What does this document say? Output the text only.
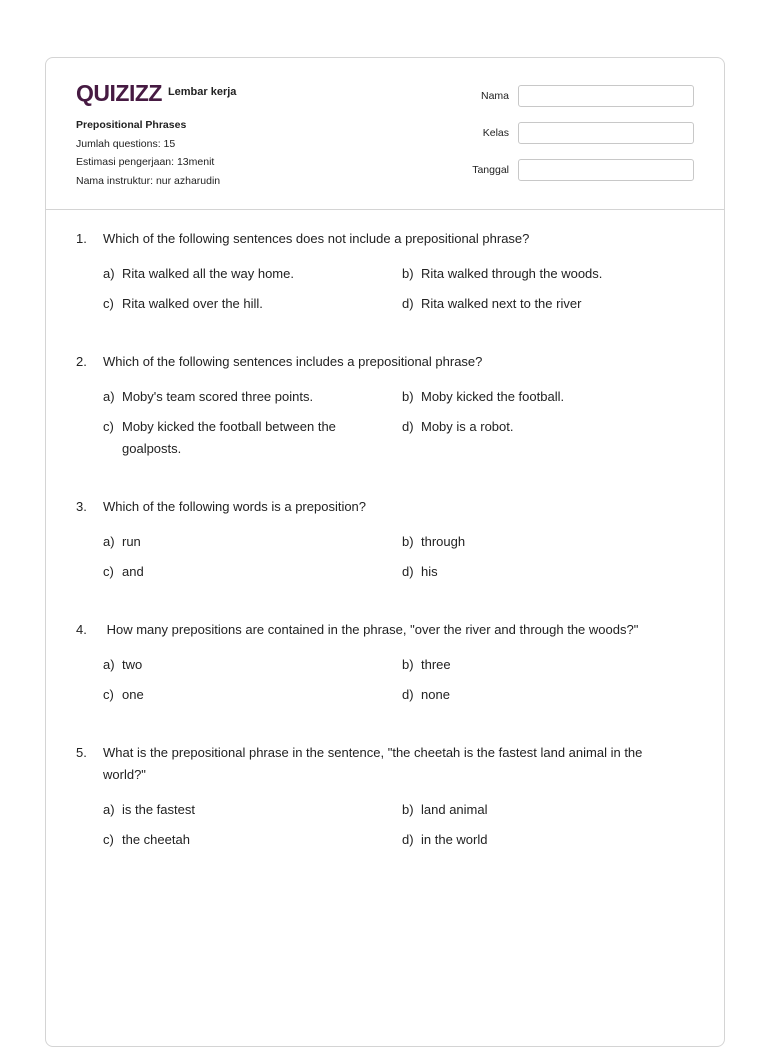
QUIZIZZ Lembar kerja
Prepositional Phrases
Jumlah questions: 15
Estimasi pengerjaan: 13menit
Nama instruktur: nur azharudin
Nama
Kelas
Tanggal
1.	Which of the following sentences does not include a prepositional phrase?
a) Rita walked all the way home.	b) Rita walked through the woods.
c) Rita walked over the hill.	d) Rita walked next to the river
2.	Which of the following sentences includes a prepositional phrase?
a) Moby's team scored three points.	b) Moby kicked the football.
c) Moby kicked the football between the goalposts.
d) Moby is a robot.
3.	Which of the following words is a preposition?
a) run	b) through
c) and	d) his
4.	How many prepositions are contained in the phrase, "over the river and through the woods?"
a) two	b) three
c) one	d) none
5.	What is the prepositional phrase in the sentence, "the cheetah is the fastest land animal in the world?"
a) is the fastest	b) land animal
c) the cheetah	d) in the world
